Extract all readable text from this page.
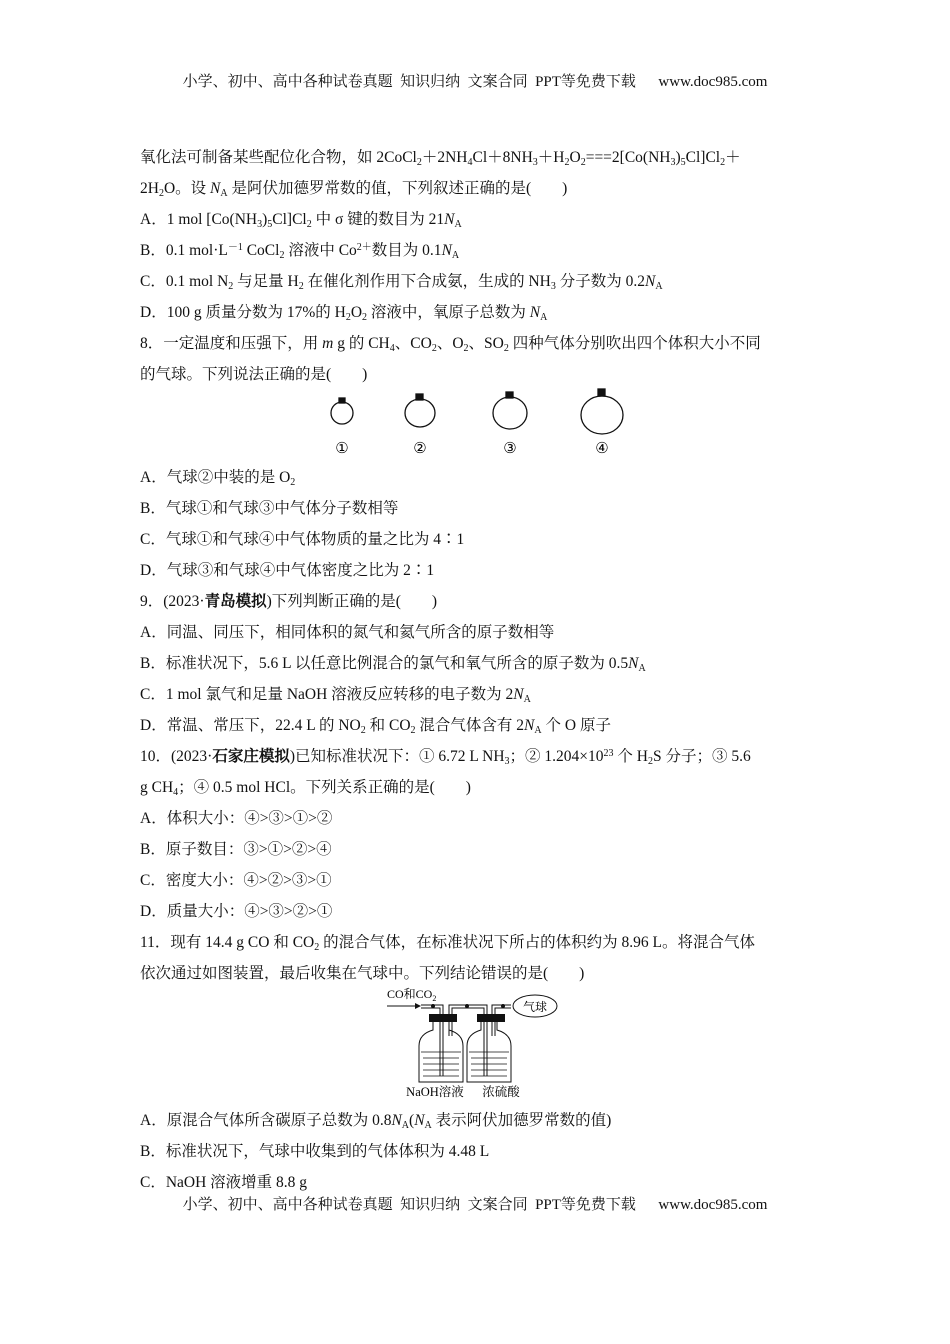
小学、初中、高中各种试卷真题  知识归纳  文案合同  PPT等免费下载      www.doc985.com
氧化法可制备某些配位化合物，如 $2CoCl_2+2NH_4Cl+8NH_3+H_2O_2===2[Co(NH_3)_5Cl]Cl_2+$
$2H_2O$。设 $N_A$ 是阿伏加德罗常数的值，下列叙述正确的是(　　)
A．1 mol $[Co(NH_3)_5Cl]Cl_2$ 中 σ 键的数目为 $21N_A$
B．0.1 $mol\cdot L^{-1}$ CoCl$_2$ 溶液中 $Co^{2+}$数目为 $0.1N_A$
C．0.1 mol $N_2$ 与足量 $H_2$ 在催化剂作用下合成氨，生成的 $NH_3$ 分子数为 $0.2N_A$
D．100 g 质量分数为 17%的 $H_2O_2$ 溶液中，氧原子总数为 $N_A$
8．一定温度和压强下，用 m g 的 $CH_4$、$CO_2$、$O_2$、$SO_2$ 四种气体分别吹出四个体积大小不同
的气球。下列说法正确的是(　　)
①	②	③	④
A．气球②中装的是 $O_2$
B．气球①和气球③中气体分子数相等
C．气球①和气球④中气体物质的量之比为 4∶1
D．气球③和气球④中气体密度之比为 2∶1
9．(2023·青岛模拟)下列判断正确的是(　　)
A．同温、同压下，相同体积的氮气和氦气所含的原子数相等
B．标准状况下，5.6 L 以任意比例混合的氯气和氧气所含的原子数为 $0.5N_A$
C．1 mol 氯气和足量 NaOH 溶液反应转移的电子数为 $2N_A$
D．常温、常压下，22.4 L 的 $NO_2$ 和 $CO_2$ 混合气体含有 $2N_A$ 个 O 原子
10．(2023·石家庄模拟)已知标准状况下：① 6.72 L $NH_3$；② $1.204\times 10^{23}$ 个 $H_2S$ 分子；③ 5.6
g $CH_4$；④ 0.5 mol HCl。下列关系正确的是(　　)
A．体积大小：④>③>①>②
B．原子数目：③>①>②>④
C．密度大小：④>②>③>①
D．质量大小：④>③>②>①
11．现有 14.4 g CO 和 $CO_2$ 的混合气体，在标准状况下所占的体积约为 8.96 L。将混合气体
依次通过如图装置，最后收集在气球中。下列结论错误的是(　　)
CO和$CO_2$
气球
NaOH溶液 浓硫酸
A．原混合气体所含碳原子总数为 $0.8N_A(N_A$ 表示阿伏加德罗常数的值)
B．标准状况下，气球中收集到的气体体积为 4.48 L
C．NaOH 溶液增重 8.8 g
小学、初中、高中各种试卷真题  知识归纳  文案合同  PPT等免费下载      www.doc985.com
